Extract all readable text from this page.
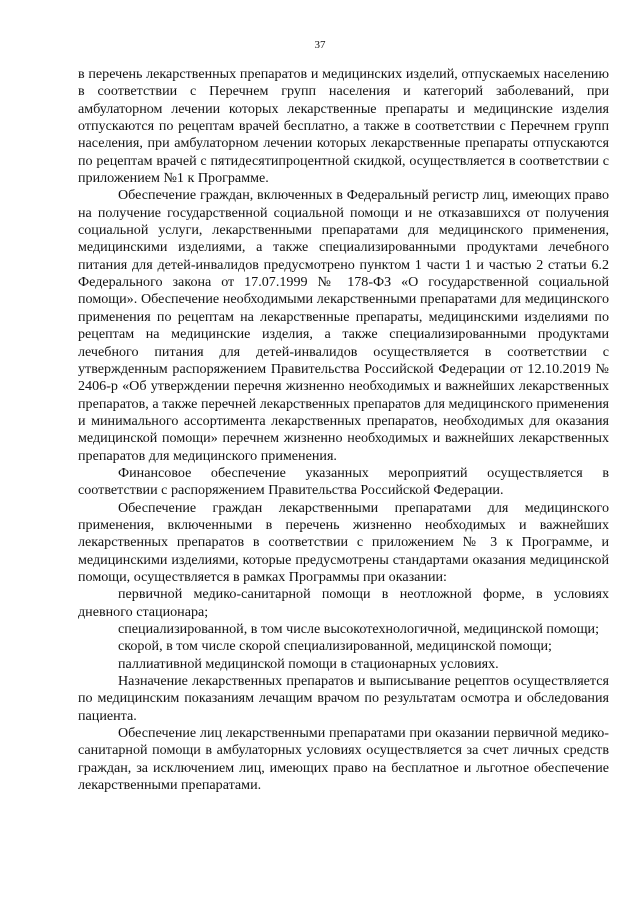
37

в перечень лекарственных препаратов и медицинских изделий, отпускаемых населению в соответствии с Перечнем групп населения и категорий заболеваний, при амбулаторном лечении которых лекарственные препараты и медицинские изделия отпускаются по рецептам врачей бесплатно, а также в соответствии с Перечнем групп населения, при амбулаторном лечении которых лекарственные препараты отпускаются по рецептам врачей с пятидесятипроцентной скидкой, осуществляется в соответствии с приложением №1 к Программе.

Обеспечение граждан, включенных в Федеральный регистр лиц, имеющих право на получение государственной социальной помощи и не отказавшихся от получения социальной услуги, лекарственными препаратами для медицинского применения, медицинскими изделиями, а также специализированными продуктами лечебного питания для детей-инвалидов предусмотрено пунктом 1 части 1 и частью 2 статьи 6.2 Федерального закона от 17.07.1999 № 178-ФЗ «О государственной социальной помощи». Обеспечение необходимыми лекарственными препаратами для медицинского применения по рецептам на лекарственные препараты, медицинскими изделиями по рецептам на медицинские изделия, а также специализированными продуктами лечебного питания для детей-инвалидов осуществляется в соответствии с утвержденным распоряжением Правительства Российской Федерации от 12.10.2019 № 2406-р «Об утверждении перечня жизненно необходимых и важнейших лекарственных препаратов, а также перечней лекарственных препаратов для медицинского применения и минимального ассортимента лекарственных препаратов, необходимых для оказания медицинской помощи» перечнем жизненно необходимых и важнейших лекарственных препаратов для медицинского применения.

Финансовое обеспечение указанных мероприятий осуществляется в соответствии с распоряжением Правительства Российской Федерации.

Обеспечение граждан лекарственными препаратами для медицинского применения, включенными в перечень жизненно необходимых и важнейших лекарственных препаратов в соответствии с приложением № 3 к Программе, и медицинскими изделиями, которые предусмотрены стандартами оказания медицинской помощи, осуществляется в рамках Программы при оказании:

первичной медико-санитарной помощи в неотложной форме, в условиях дневного стационара;

специализированной, в том числе высокотехнологичной, медицинской помощи;

скорой, в том числе скорой специализированной, медицинской помощи;

паллиативной медицинской помощи в стационарных условиях.

Назначение лекарственных препаратов и выписывание рецептов осуществляется по медицинским показаниям лечащим врачом по результатам осмотра и обследования пациента.

Обеспечение лиц лекарственными препаратами при оказании первичной медико-санитарной помощи в амбулаторных условиях осуществляется за счет личных средств граждан, за исключением лиц, имеющих право на бесплатное и льготное обеспечение лекарственными препаратами.
